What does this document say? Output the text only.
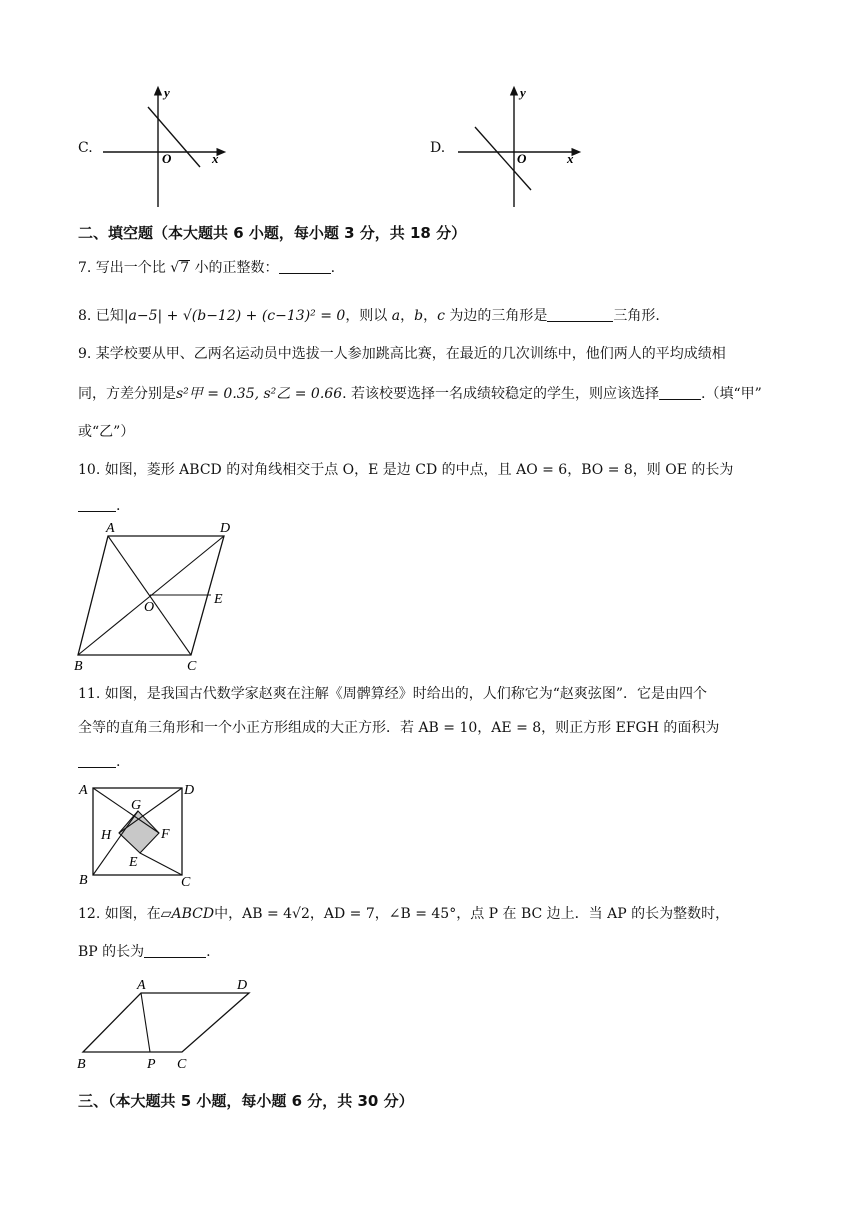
C.
y
x
O
D.
y
x
O
二、填空题（本大题共 6 小题，每小题 3 分，共 18 分）
7. 写出一个比 √7 小的正整数：	.
8. 已知|a−5| + √(b−12) + (c−13)² = 0，则以 a，b，c 为边的三角形是	三角形.
9. 某学校要从甲、乙两名运动员中选拔一人参加跳高比赛，在最近的几次训练中，他们两人的平均成绩相
同，方差分别是s²甲 = 0.35, s²乙 = 0.66. 若该校要选择一名成绩较稳定的学生，则应该选择	.（填“甲”
或“乙”）
10. 如图，菱形 ABCD 的对角线相交于点 O，E 是边 CD 的中点，且 AO = 6，BO = 8，则 OE 的长为
.
A	D
B	C
O
E
11. 如图，是我国古代数学家赵爽在注解《周髀算经》时给出的，人们称它为“赵爽弦图”．它是由四个
全等的直角三角形和一个小正方形组成的大正方形．若 AB = 10，AE = 8，则正方形 EFGH 的面积为
.
A	D
B	C
G
F
H
E
12. 如图，在▱ABCD中，AB = 4√2，AD = 7，∠B = 45°，点 P 在 BC 边上．当 AP 的长为整数时，
BP 的长为	.
A	D
B	P C
三、（本大题共 5 小题，每小题 6 分，共 30 分）
